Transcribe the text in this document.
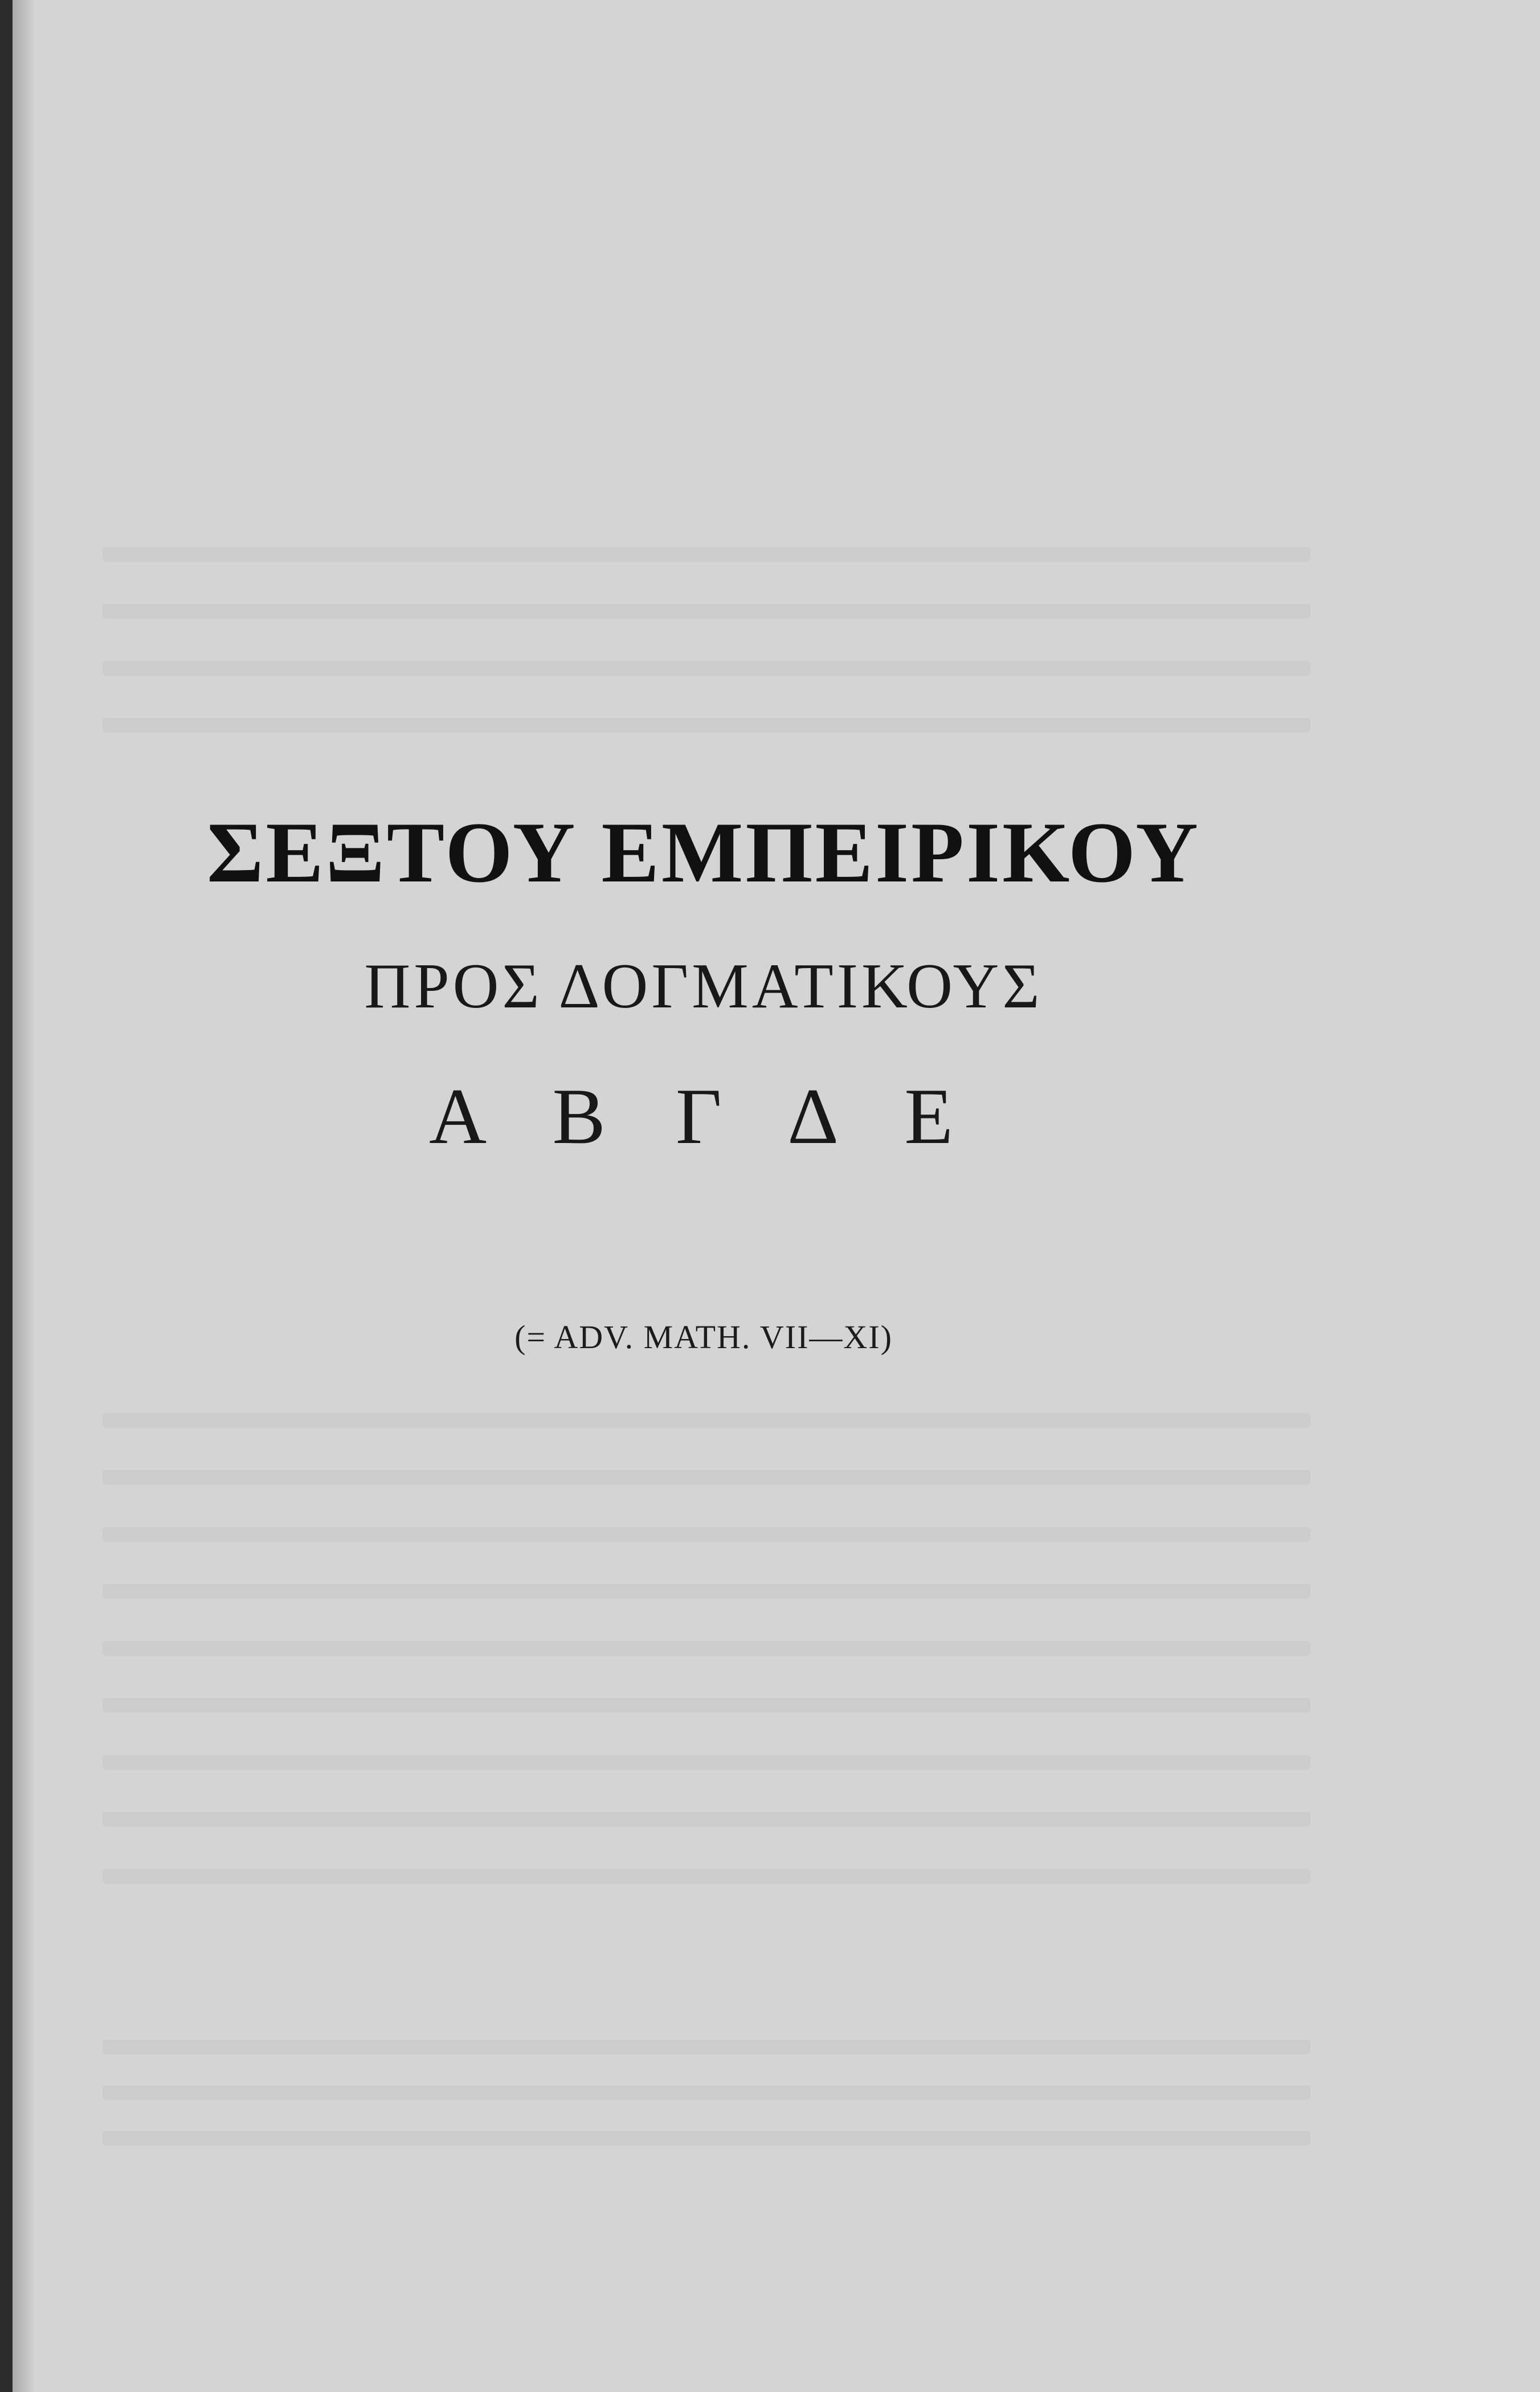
ΣΕΞΤΟΥ ΕΜΠΕΙΡΙΚΟΥ
ΠΡΟΣ ΔΟΓΜΑΤΙΚΟΥΣ
Α Β Γ Δ Ε
(= ADV. MATH. VII—XI)
